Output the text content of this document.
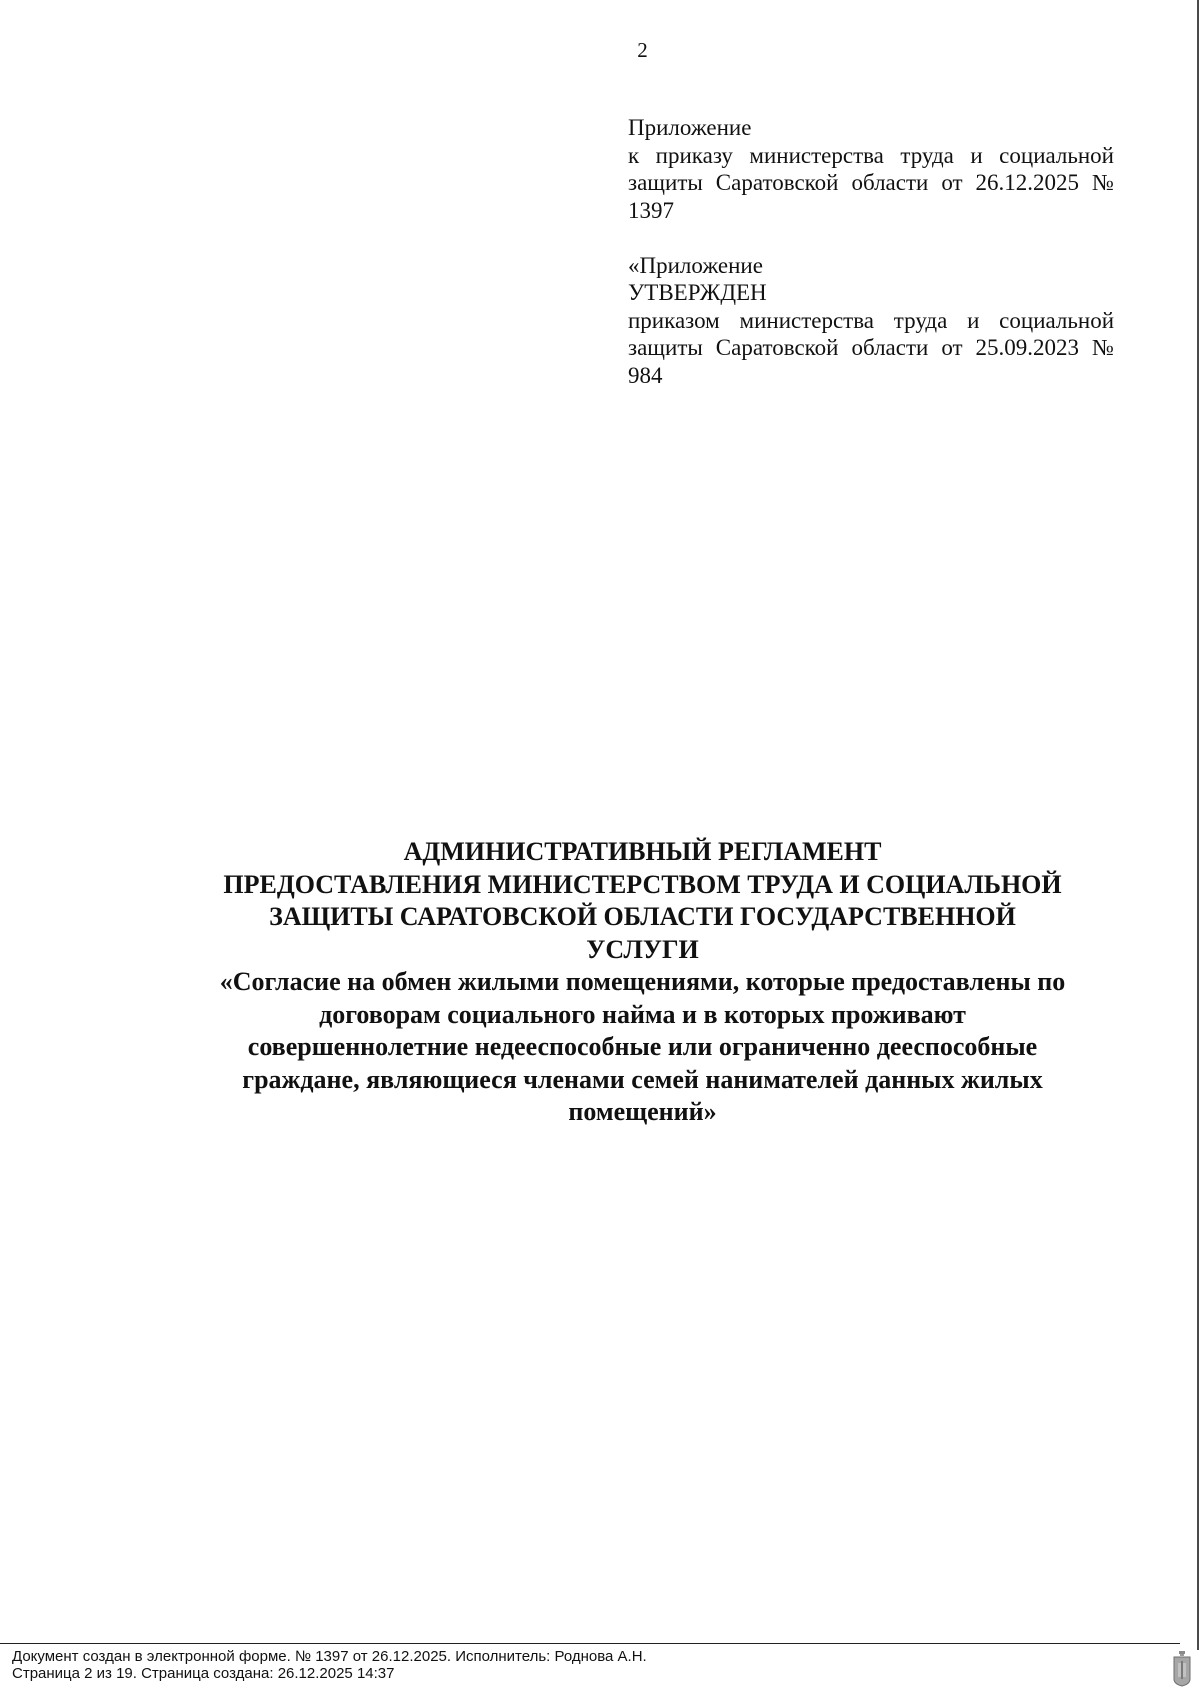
2
Приложение
к приказу министерства труда и социальной защиты Саратовской области от 26.12.2025 № 1397
«Приложение
УТВЕРЖДЕН
приказом министерства труда и социальной защиты Саратовской области от 25.09.2023 № 984
АДМИНИСТРАТИВНЫЙ РЕГЛАМЕНТ
ПРЕДОСТАВЛЕНИЯ МИНИСТЕРСТВОМ ТРУДА И СОЦИАЛЬНОЙ
ЗАЩИТЫ САРАТОВСКОЙ ОБЛАСТИ ГОСУДАРСТВЕННОЙ
УСЛУГИ
«Согласие на обмен жилыми помещениями, которые предоставлены по
договорам социального найма и в которых проживают
совершеннолетние недееспособные или ограниченно дееспособные
граждане, являющиеся членами семей нанимателей данных жилых
помещений»
Документ создан в электронной форме. № 1397 от 26.12.2025. Исполнитель: Роднова А.Н.
Страница 2 из 19. Страница создана: 26.12.2025 14:37
